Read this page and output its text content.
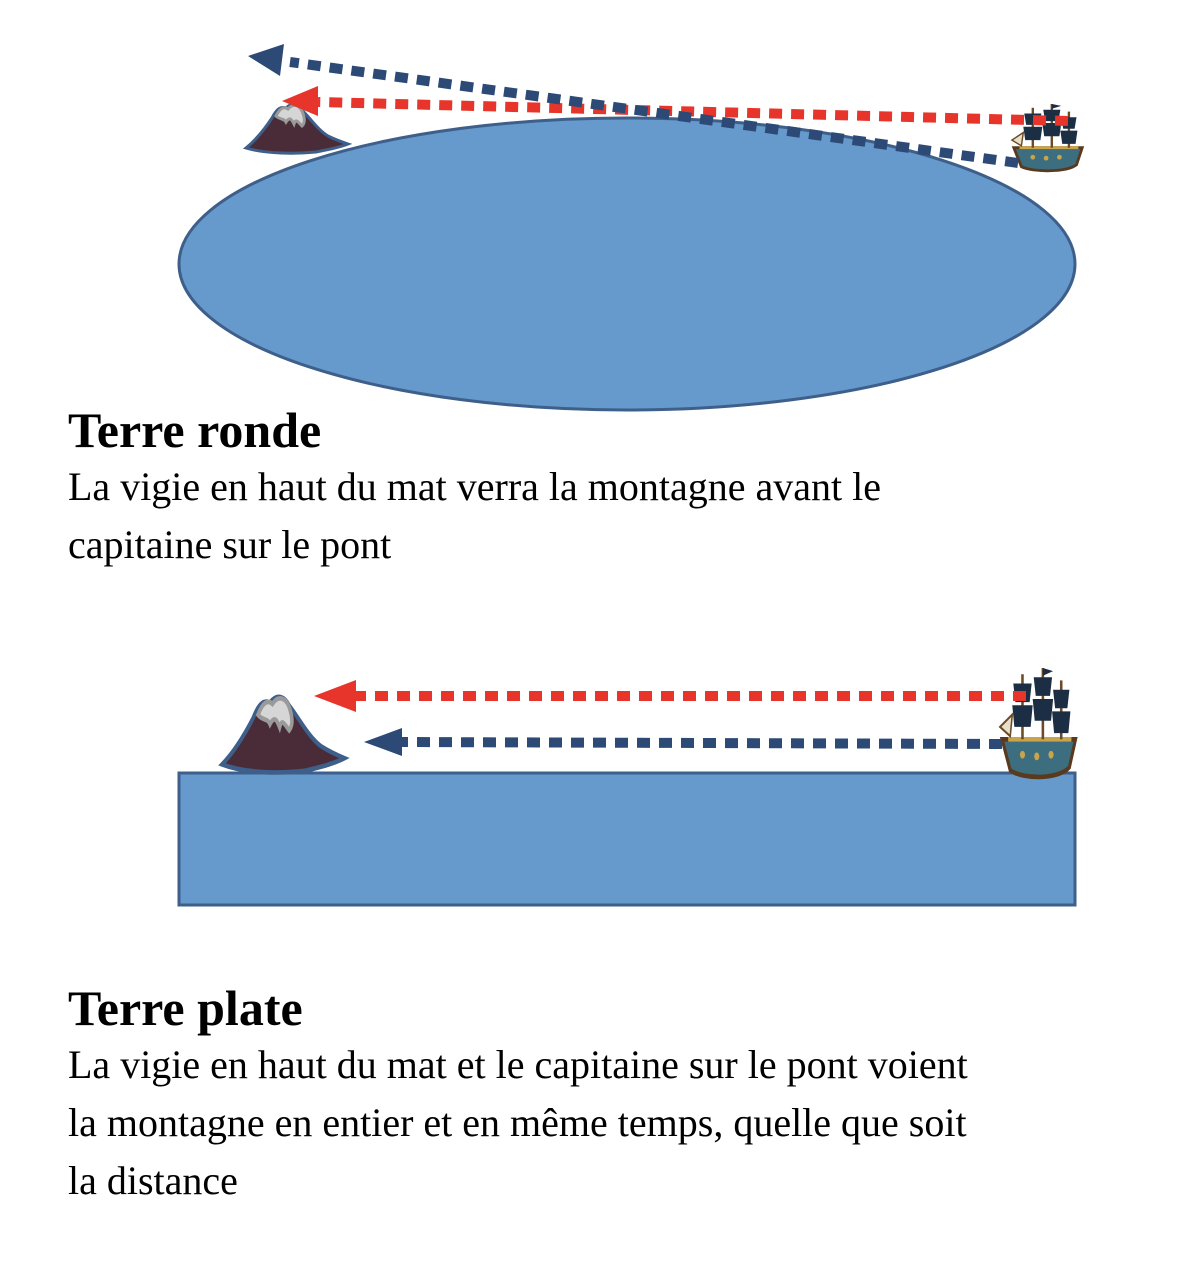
Terre ronde

La vigie en haut du mat verra la montagne avant le capitaine sur le pont

Terre plate

La vigie en haut du mat et le capitaine sur le pont voient la montagne en entier et en même temps, quelle que soit la distance
